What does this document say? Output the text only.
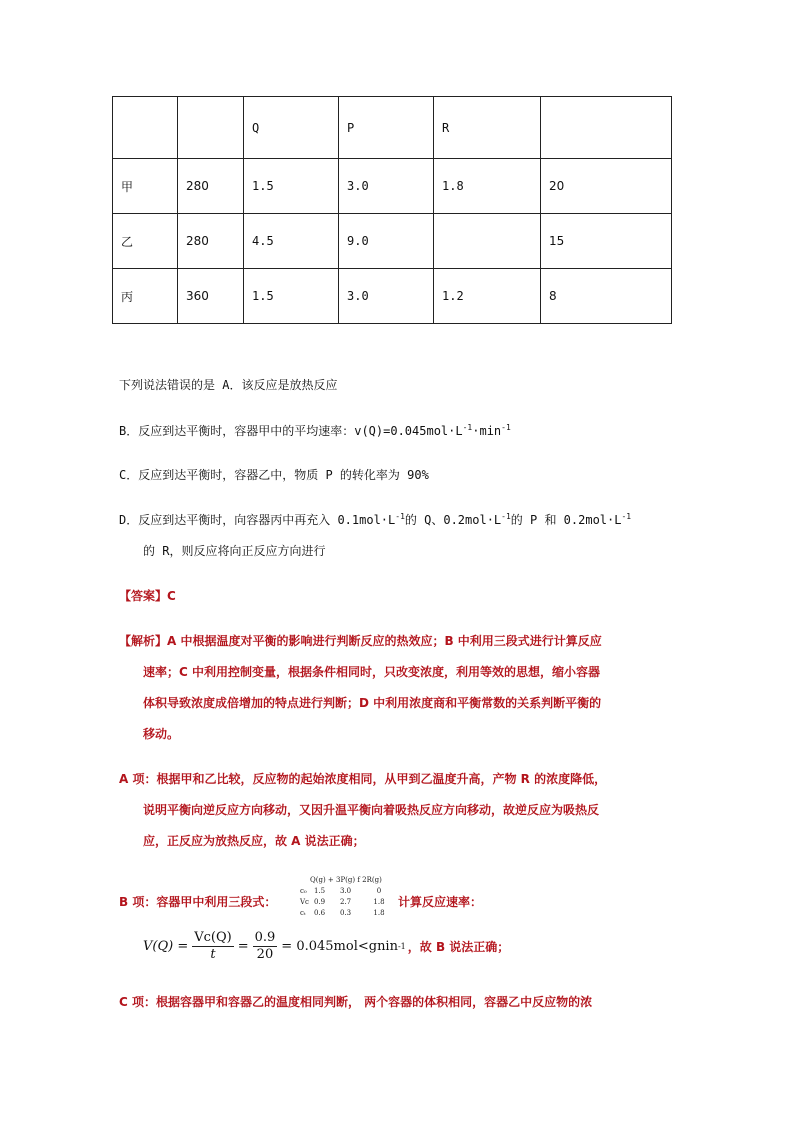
		Q	P	R	
甲	280	1.5	3.0	1.8	20
乙	280	4.5	9.0		15
丙	360	1.5	3.0	1.2	8
下列说法错误的是 A．该反应是放热反应
B．反应到达平衡时，容器甲中的平均速率：$v(Q)=0.045mol\cdot L^{-1}\cdot\min^{-1}$
C．反应到达平衡时，容器乙中，物质 P 的转化率为 90%
D．反应到达平衡时，向容器丙中再充入 $0.1mol\cdot L^{-1}$的 Q、$0.2mol\cdot L^{-1}$的 P 和 $0.2mol\cdot L^{-1}$
的 R，则反应将向正反应方向进行
【答案】C
【解析】A 中根据温度对平衡的影响进行判断反应的热效应；B 中利用三段式进行计算反应
速率；C 中利用控制变量，根据条件相同时，只改变浓度，利用等效的思想，缩小容器
体积导致浓度成倍增加的特点进行判断；D 中利用浓度商和平衡常数的关系判断平衡的
移动。
A 项：根据甲和乙比较，反应物的起始浓度相同，从甲到乙温度升高，产物 R 的浓度降低，
说明平衡向逆反应方向移动，又因升温平衡向着吸热反应方向移动，故逆反应为吸热反
应，正反应为放热反应，故 A 说法正确；
B 项：容器甲中利用三段式：	计算反应速率：
Q(g) + 3P(g) f 2R(g)
c₀	1.5	3.0	0
Vc 0.9	2.7	1.8
cₜ	0.6	0.3	1.8
$V(Q) = \frac{Vc(Q)}{t} = \frac{0.9}{20}$ = 0.045mol<gnin -1 ，故 B 说法正确；
C 项：根据容器甲和容器乙的温度相同判断， 两个容器的体积相同，容器乙中反应物的浓
